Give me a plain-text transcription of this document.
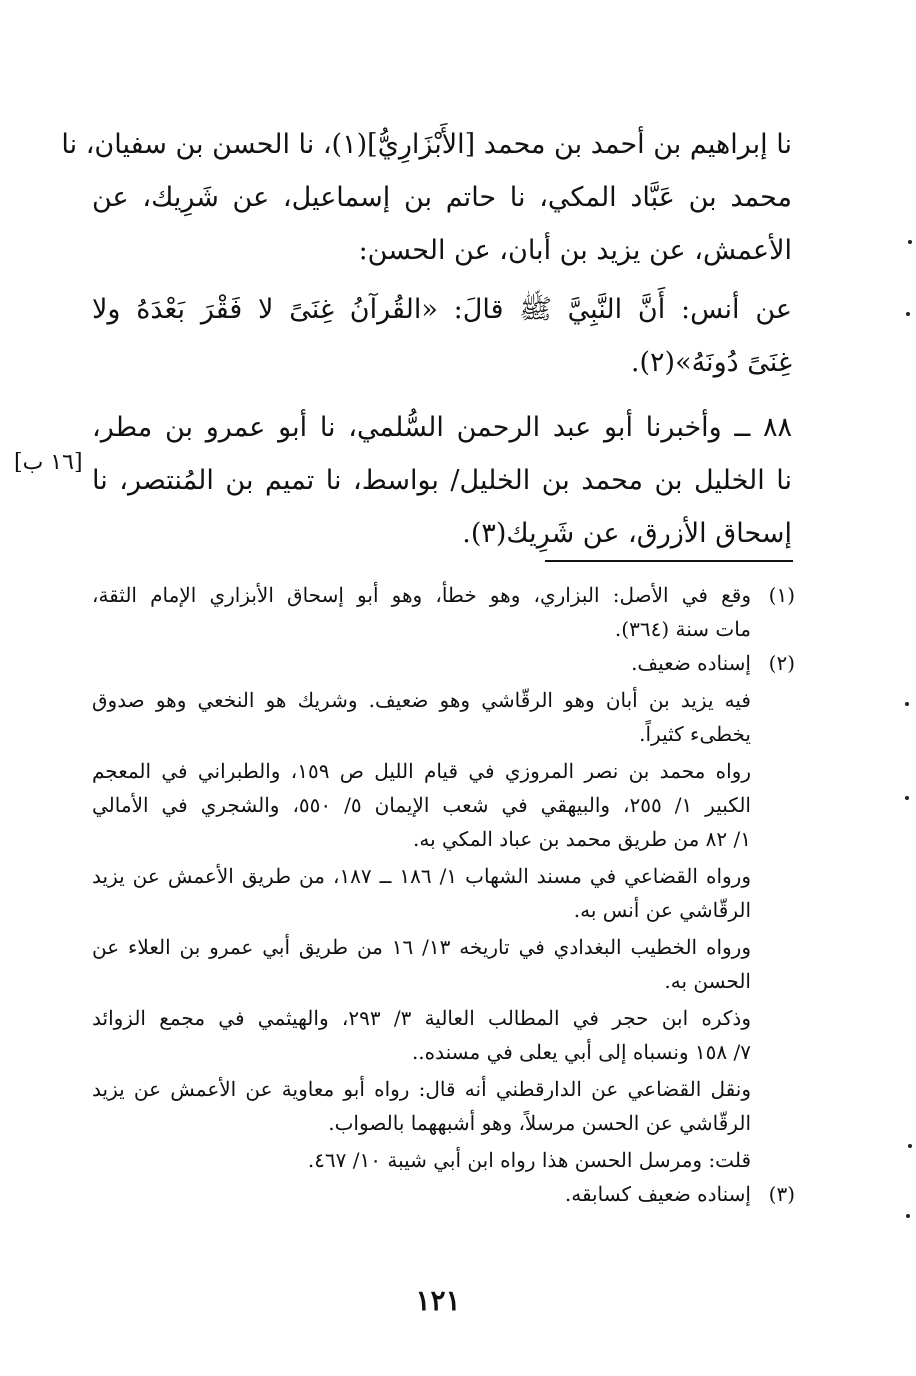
نا إبراهيم بن أحمد بن محمد [الأَبْزَارِيُّ](١)، نا الحسن بن سفيان، نا
محمد بن عَبَّاد المكي، نا حاتم بن إسماعيل، عن شَرِيك، عن
الأعمش، عن يزيد بن أبان، عن الحسن:

عن أنس: أَنَّ النَّبِيَّ ﷺ قالَ: «القُرآنُ غِنَىً لا فَقْرَ بَعْدَهُ ولا
غِنَىً دُونَهُ»(٢).

٨٨ ــ وأخبرنا أبو عبد الرحمن السُّلمي، نا أبو عمرو بن مطر،
نا الخليل بن محمد بن الخليل/ بواسط، نا تميم بن المُنتصر، نا
إسحاق الأزرق، عن شَرِيك(٣).

[١٦ ب]
(١)
وقع في الأصل: البزاري، وهو خطأ، وهو أبو إسحاق الأبزاري الإمام الثقة،
مات سنة (٣٦٤).
(٢)
إسناده ضعيف.
فيه يزيد بن أبان وهو الرقّاشي وهو ضعيف. وشريك هو النخعي وهو صدوق
يخطىء كثيراً.
رواه محمد بن نصر المروزي في قيام الليل ص ١٥٩، والطبراني في المعجم
الكبير ١/ ٢٥٥، والبيهقي في شعب الإيمان ٥/ ٥٥٠، والشجري في الأمالي
١/ ٨٢ من طريق محمد بن عباد المكي به.
ورواه القضاعي في مسند الشهاب ١/ ١٨٦ ــ ١٨٧، من طريق الأعمش عن يزيد
الرقّاشي عن أنس به.
ورواه الخطيب البغدادي في تاريخه ١٣/ ١٦ من طريق أبي عمرو بن العلاء عن
الحسن به.
وذكره ابن حجر في المطالب العالية ٣/ ٢٩٣، والهيثمي في مجمع الزوائد
٧/ ١٥٨ ونسباه إلى أبي يعلى في مسنده..
ونقل القضاعي عن الدارقطني أنه قال: رواه أبو معاوية عن الأعمش عن يزيد
الرقّاشي عن الحسن مرسلاً، وهو أشبههما بالصواب.
قلت: ومرسل الحسن هذا رواه ابن أبي شيبة ١٠/ ٤٦٧.
(٣)
إسناده ضعيف كسابقه.
١٢١
